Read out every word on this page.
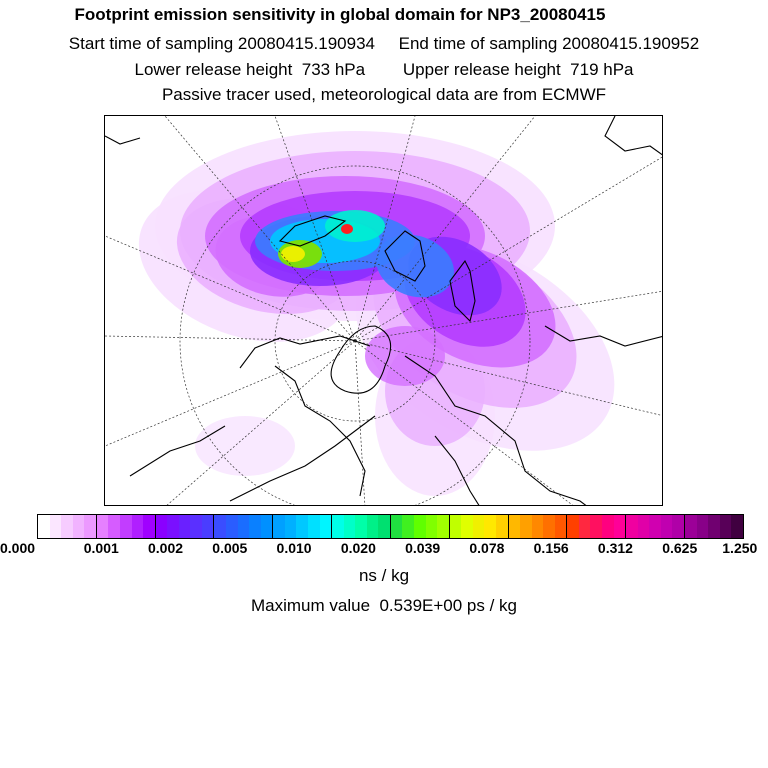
Footprint emission sensitivity in global domain for NP3_20080415
Start time of sampling 20080415.190934     End time of sampling 20080415.190952
Lower release height  733 hPa        Upper release height  719 hPa
Passive tracer used, meteorological data are from ECMWF
0.000	0.001 0.002 0.005 0.010 0.020 0.039 0.078 0.156 0.312 0.625 1.250
ns / kg
Maximum value  0.539E+00 ps / kg
